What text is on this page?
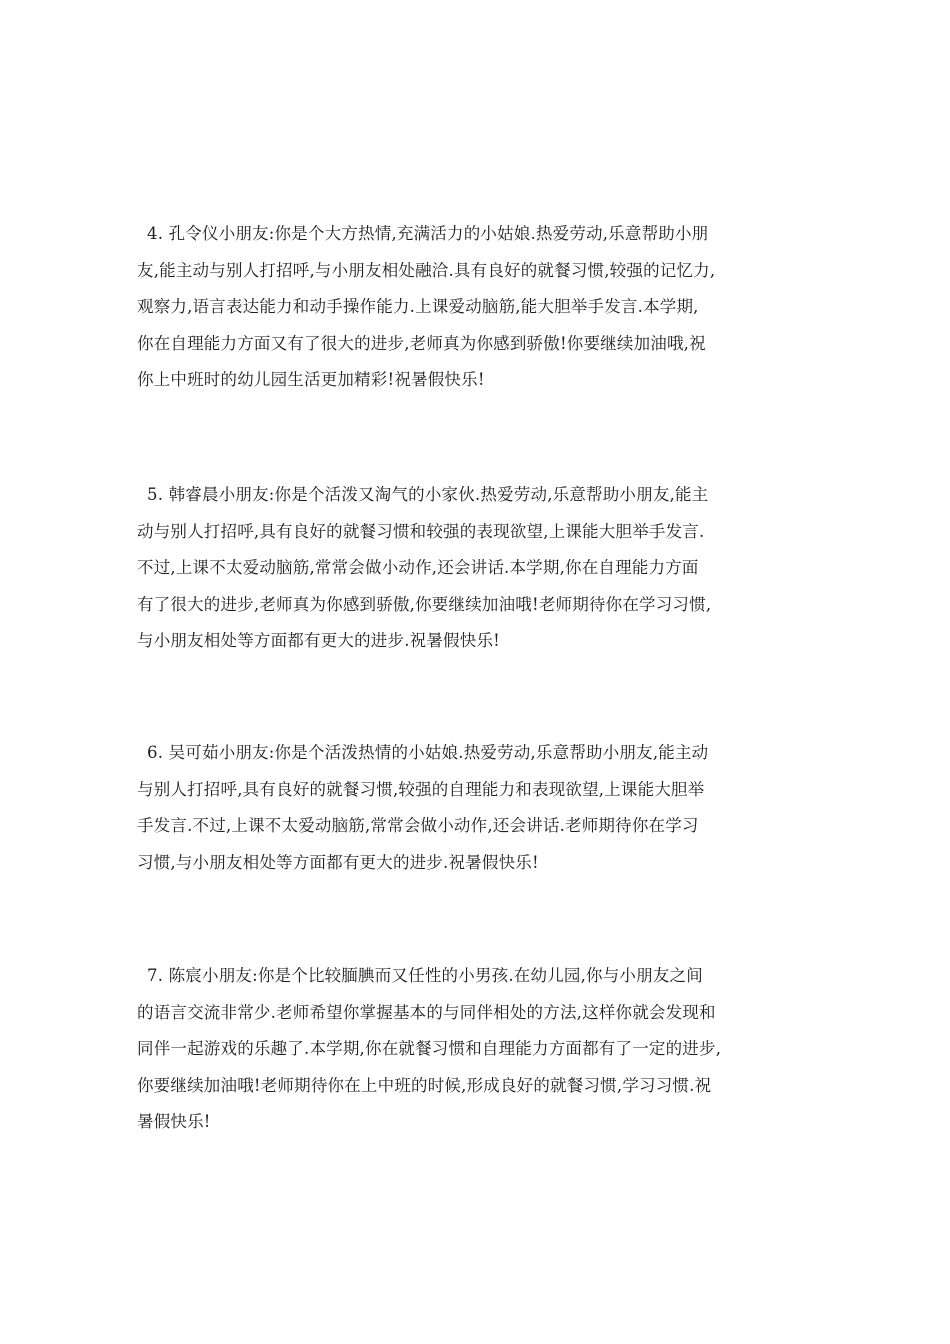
4. 孔令仪小朋友:你是个大方热情,充满活力的小姑娘.热爱劳动,乐意帮助小朋
友,能主动与别人打招呼,与小朋友相处融洽.具有良好的就餐习惯,较强的记忆力,
观察力,语言表达能力和动手操作能力.上课爱动脑筋,能大胆举手发言.本学期,
你在自理能力方面又有了很大的进步,老师真为你感到骄傲!你要继续加油哦,祝
你上中班时的幼儿园生活更加精彩!祝暑假快乐!
5. 韩睿晨小朋友:你是个活泼又淘气的小家伙.热爱劳动,乐意帮助小朋友,能主
动与别人打招呼,具有良好的就餐习惯和较强的表现欲望,上课能大胆举手发言.
不过,上课不太爱动脑筋,常常会做小动作,还会讲话.本学期,你在自理能力方面
有了很大的进步,老师真为你感到骄傲,你要继续加油哦!老师期待你在学习习惯,
与小朋友相处等方面都有更大的进步.祝暑假快乐!
6. 吴可茹小朋友:你是个活泼热情的小姑娘.热爱劳动,乐意帮助小朋友,能主动
与别人打招呼,具有良好的就餐习惯,较强的自理能力和表现欲望,上课能大胆举
手发言.不过,上课不太爱动脑筋,常常会做小动作,还会讲话.老师期待你在学习
习惯,与小朋友相处等方面都有更大的进步.祝暑假快乐!
7. 陈宸小朋友:你是个比较腼腆而又任性的小男孩.在幼儿园,你与小朋友之间
的语言交流非常少.老师希望你掌握基本的与同伴相处的方法,这样你就会发现和
同伴一起游戏的乐趣了.本学期,你在就餐习惯和自理能力方面都有了一定的进步,
你要继续加油哦!老师期待你在上中班的时候,形成良好的就餐习惯,学习习惯.祝
暑假快乐!
